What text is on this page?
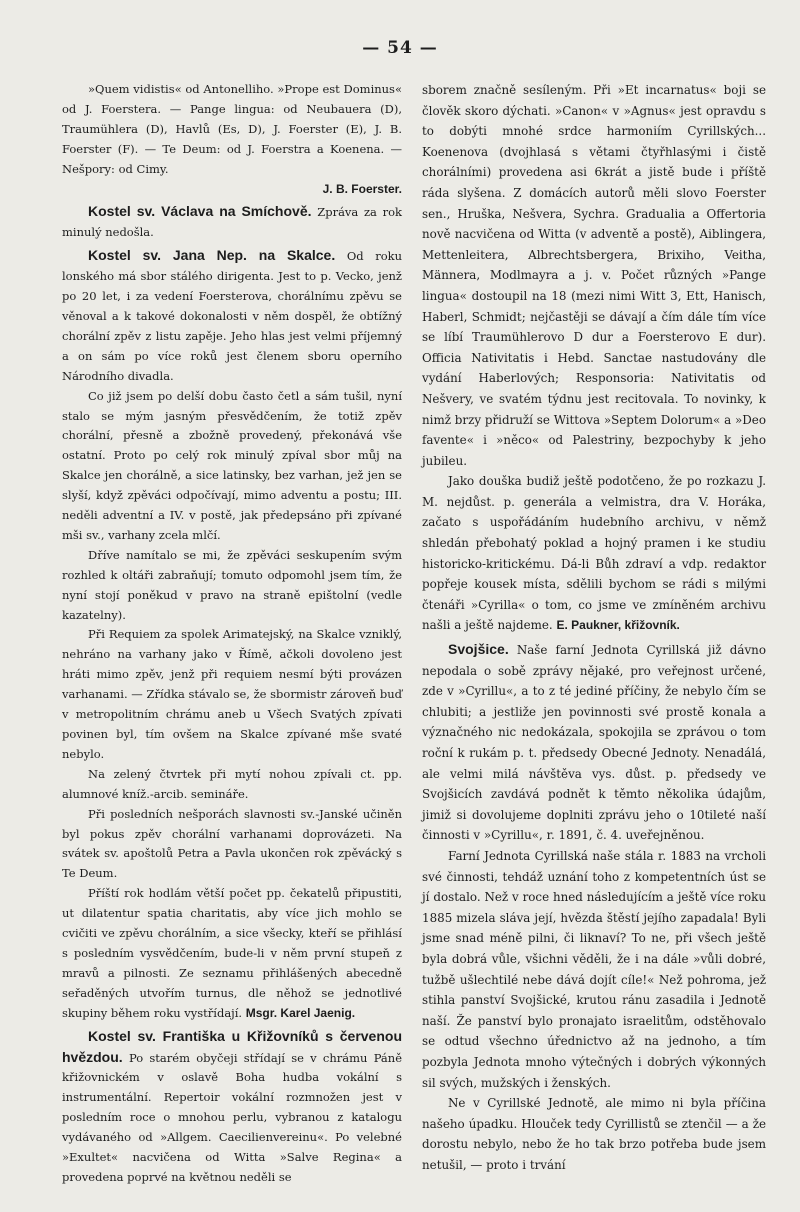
— 54 —

»Quem vidistis« od Antonelliho. »Prope est Dominus« od J. Foerstera. — Pange lingua: od Neubauera (D), Traumühlera (D), Havlů (Es, D), J. Foerster (E), J. B. Foerster (F). — Te Deum: od J. Foerstra a Koenena. — Nešpory: od Cimy.

J. B. Foerster.

Kostel sv. Václava na Smíchově. Zpráva za rok minulý nedošla.

Kostel sv. Jana Nep. na Skalce. Od roku lonského má sbor stálého dirigenta. Jest to p. Vecko, jenž po 20 let, i za vedení Foersterova, chorálnímu zpěvu se věnoval a k takové dokonalosti v něm dospěl, že obtížný chorální zpěv z listu zapěje. Jeho hlas jest velmi příjemný a on sám po více roků jest členem sboru operního Národního divadla.

Co již jsem po delší dobu často četl a sám tušil, nyní stalo se mým jasným přesvědčením, že totiž zpěv chorální, přesně a zbožně provedený, překonává vše ostatní. Proto po celý rok minulý zpíval sbor můj na Skalce jen chorálně, a sice latinsky, bez varhan, jež jen se slyší, když zpěváci odpočívají, mimo adventu a postu; III. neděli adventní a IV. v postě, jak předepsáno při zpívané mši sv., varhany zcela mlčí.

Dříve namítalo se mi, že zpěváci seskupením svým rozhled k oltáři zabraňují; tomuto odpomohl jsem tím, že nyní stojí poněkud v pravo na straně epištolní (vedle kazatelny).

Při Requiem za spolek Arimatejský, na Skalce vzniklý, nehráno na varhany jako v Římě, ačkoli dovoleno jest hráti mimo zpěv, jenž při requiem nesmí býti provázen varhanami. — Zřídka stávalo se, že sbormistr zároveň buď v metropolitním chrámu aneb u Všech Svatých zpívati povinen byl, tím ovšem na Skalce zpívané mše svaté nebylo.

Na zelený čtvrtek při mytí nohou zpívali ct. pp. alumnové kníž.-arcib. semináře.

Při posledních nešporách slavnosti sv.-Janské učiněn byl pokus zpěv chorální varhanami doprovázeti. Na svátek sv. apoštolů Petra a Pavla ukončen rok zpěvácký s Te Deum.

Příští rok hodlám větší počet pp. čekatelů připustiti, ut dilatentur spatia charitatis, aby více jich mohlo se cvičiti ve zpěvu chorálním, a sice všecky, kteří se přihlásí s posledním vysvědčením, bude-li v něm první stupeň z mravů a pilnosti. Ze seznamu přihlášených abecedně seřaděných utvořím turnus, dle něhož se jednotlivé skupiny během roku vystřídají. Msgr. Karel Jaenig.

Kostel sv. Františka u Křižovníků s červenou hvězdou. Po starém obyčeji střídají se v chrámu Páně křižovnickém v oslavě Boha hudba vokální s instrumentální. Repertoir vokální rozmnožen jest v posledním roce o mnohou perlu, vybranou z katalogu vydávaného od »Allgem. Caecilienvereinu«. Po velebné »Exultet« nacvičena od Witta »Salve Regina« a provedena poprvé na květnou neděli se

sborem značně sesíleným. Při »Et incarnatus« boji se člověk skoro dýchati. »Canon« v »Agnus« jest opravdu s to dobýti mnohé srdce harmoniím Cyrillských... Koenenova (dvojhlasá s větami čtyřhlasými i čistě chorálními) provedena asi 6krát a jistě bude i příště ráda slyšena. Z domácích autorů měli slovo Foerster sen., Hruška, Nešvera, Sychra. Gradualia a Offertoria nově nacvičena od Witta (v adventě a postě), Aiblingera, Mettenleitera, Albrechtsbergera, Brixiho, Veitha, Männera, Modlmayra a j. v. Počet různých »Pange lingua« dostoupil na 18 (mezi nimi Witt 3, Ett, Hanisch, Haberl, Schmidt; nejčastěji se dávají a čím dále tím více se líbí Traumühlerovo D dur a Foersterovo E dur). Officia Nativitatis i Hebd. Sanctae nastudovány dle vydání Haberlových; Responsoria: Nativitatis od Nešvery, ve svatém týdnu jest recitovala. To novinky, k nimž brzy přidruží se Wittova »Septem Dolorum« a »Deo favente« i »něco« od Palestriny, bezpochyby k jeho jubileu.

Jako douška budiž ještě podotčeno, že po rozkazu J. M. nejdůst. p. generála a velmistra, dra V. Horáka, začato s uspořádáním hudebního archivu, v němž shledán přebohatý poklad a hojný pramen i ke studiu historicko-kritickému. Dá-li Bůh zdraví a vdp. redaktor popřeje kousek místa, sdělili bychom se rádi s milými čtenáři »Cyrilla« o tom, co jsme ve zmíněném archivu našli a ještě najdeme. E. Paukner, křižovník.

Svojšice. Naše farní Jednota Cyrillská již dávno nepodala o sobě zprávy nějaké, pro veřejnost určené, zde v »Cyrillu«, a to z té jediné příčiny, že nebylo čím se chlubiti; a jestliže jen povinnosti své prostě konala a význačného nic nedokázala, spokojila se zprávou o tom roční k rukám p. t. předsedy Obecné Jednoty. Nenadálá, ale velmi milá návštěva vys. důst. p. předsedy ve Svojšicích zavdává podnět k těmto několika údajům, jimiž si dovolujeme doplniti zprávu jeho o 10tileté naší činnosti v »Cyrillu«, r. 1891, č. 4. uveřejněnou.

Farní Jednota Cyrillská naše stála r. 1883 na vrcholi své činnosti, tehdáž uznání toho z kompetentních úst se jí dostalo. Než v roce hned následujícím a ještě více roku 1885 mizela sláva její, hvězda štěstí jejího zapadala! Byli jsme snad méně pilni, či liknaví? To ne, při všech ještě byla dobrá vůle, všichni věděli, že i na dále »vůli dobré, tužbě ušlechtilé nebe dává dojít cíle!« Než pohroma, jež stihla panství Svojšické, krutou ránu zasadila i Jednotě naší. Že panství bylo pronajato israelitům, odstěhovalo se odtud všechno úřednictvo až na jednoho, a tím pozbyla Jednota mnoho výtečných i dobrých výkonných sil svých, mužských i ženských.

Ne v Cyrillské Jednotě, ale mimo ni byla příčina našeho úpadku. Hlouček tedy Cyrillistů se ztenčil — a že dorostu nebylo, nebo že ho tak brzo potřeba bude jsem netušil, — proto i trvání
